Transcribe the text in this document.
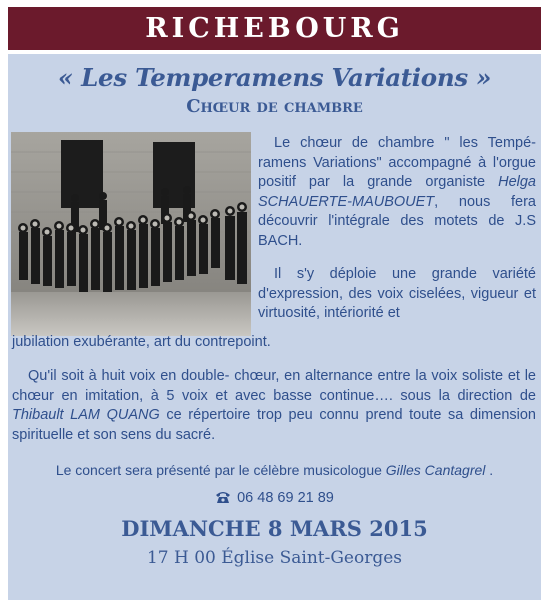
RICHEBOURG
« Les Temperamens Variations »
Chœur de chambre
Le chœur de chambre " les Tempé-ramens Variations" accompagné à l'orgue positif par la grande organiste Helga SCHAUERTE-MAUBOUET, nous fera découvrir l'intégrale des motets de J.S BACH.
Il s'y déploie une grande variété d'expression, des voix ciselées, vigueur et virtuosité, intériorité et
jubilation exubérante, art du contrepoint.
Qu'il soit à huit voix en double- chœur, en alternance entre la voix soliste et le chœur en imitation, à 5 voix et avec basse continue…. sous la direction de Thibault LAM QUANG ce répertoire trop peu connu prend toute sa dimension spirituelle et son sens du sacré.
Le concert sera présenté par le célèbre musicologue Gilles Cantagrel .
06 48 69 21 89
DIMANCHE 8 MARS 2015
17 H 00 Église Saint-Georges
